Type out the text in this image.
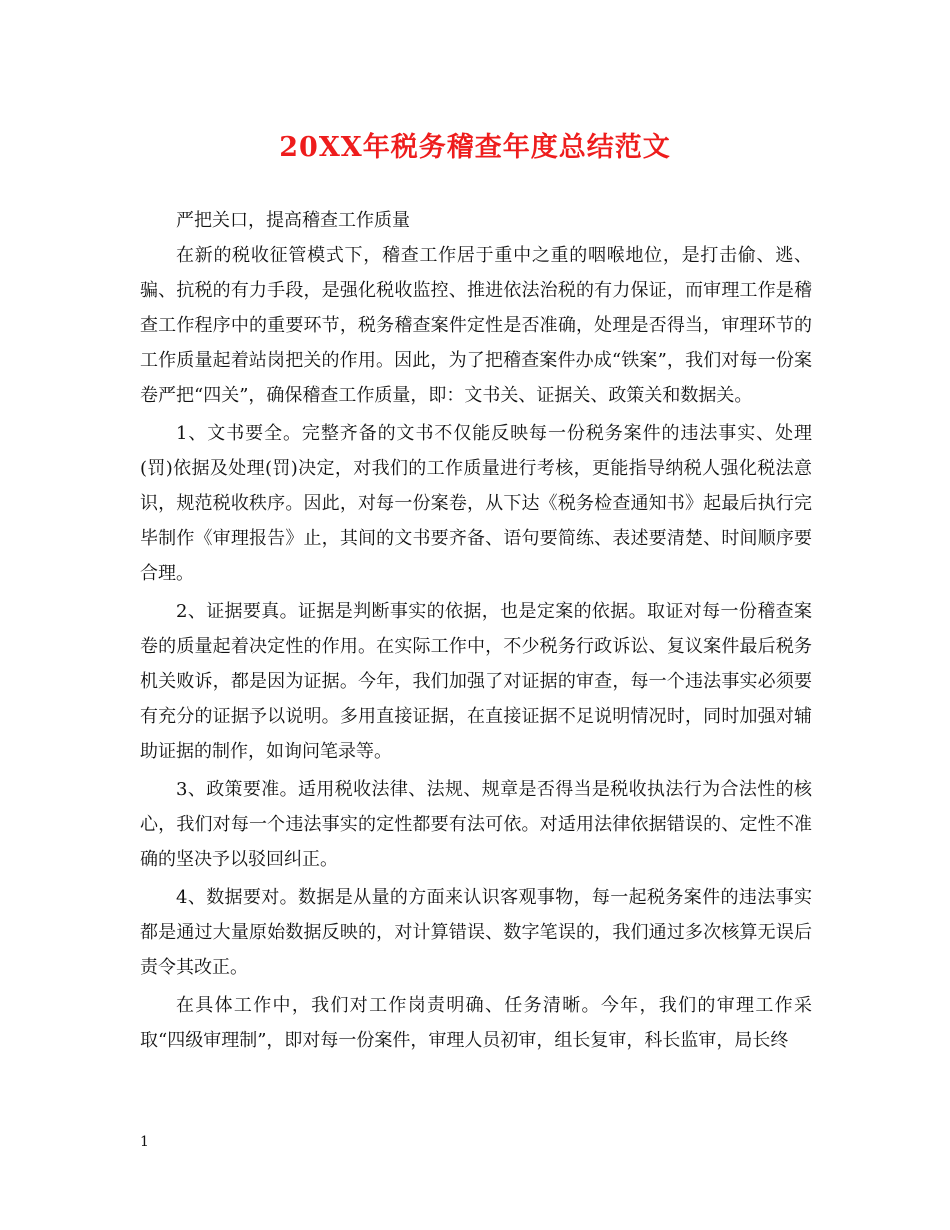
20XX年税务稽查年度总结范文

严把关口，提高稽查工作质量

在新的税收征管模式下，稽查工作居于重中之重的咽喉地位，是打击偷、逃、骗、抗税的有力手段，是强化税收监控、推进依法治税的有力保证，而审理工作是稽查工作程序中的重要环节，税务稽查案件定性是否准确，处理是否得当，审理环节的工作质量起着站岗把关的作用。因此，为了把稽查案件办成“铁案”，我们对每一份案卷严把“四关”，确保稽查工作质量，即：文书关、证据关、政策关和数据关。

1、文书要全。完整齐备的文书不仅能反映每一份税务案件的违法事实、处理(罚)依据及处理(罚)决定，对我们的工作质量进行考核，更能指导纳税人强化税法意识，规范税收秩序。因此，对每一份案卷，从下达《税务检查通知书》起最后执行完毕制作《审理报告》止，其间的文书要齐备、语句要简练、表述要清楚、时间顺序要合理。

2、证据要真。证据是判断事实的依据，也是定案的依据。取证对每一份稽查案卷的质量起着决定性的作用。在实际工作中，不少税务行政诉讼、复议案件最后税务机关败诉，都是因为证据。今年，我们加强了对证据的审查，每一个违法事实必须要有充分的证据予以说明。多用直接证据，在直接证据不足说明情况时，同时加强对辅助证据的制作，如询问笔录等。

3、政策要准。适用税收法律、法规、规章是否得当是税收执法行为合法性的核心，我们对每一个违法事实的定性都要有法可依。对适用法律依据错误的、定性不准确的坚决予以驳回纠正。

4、数据要对。数据是从量的方面来认识客观事物，每一起税务案件的违法事实都是通过大量原始数据反映的，对计算错误、数字笔误的，我们通过多次核算无误后责令其改正。

在具体工作中，我们对工作岗责明确、任务清晰。今年，我们的审理工作采取“四级审理制”，即对每一份案件，审理人员初审，组长复审，科长监审，局长终

1
